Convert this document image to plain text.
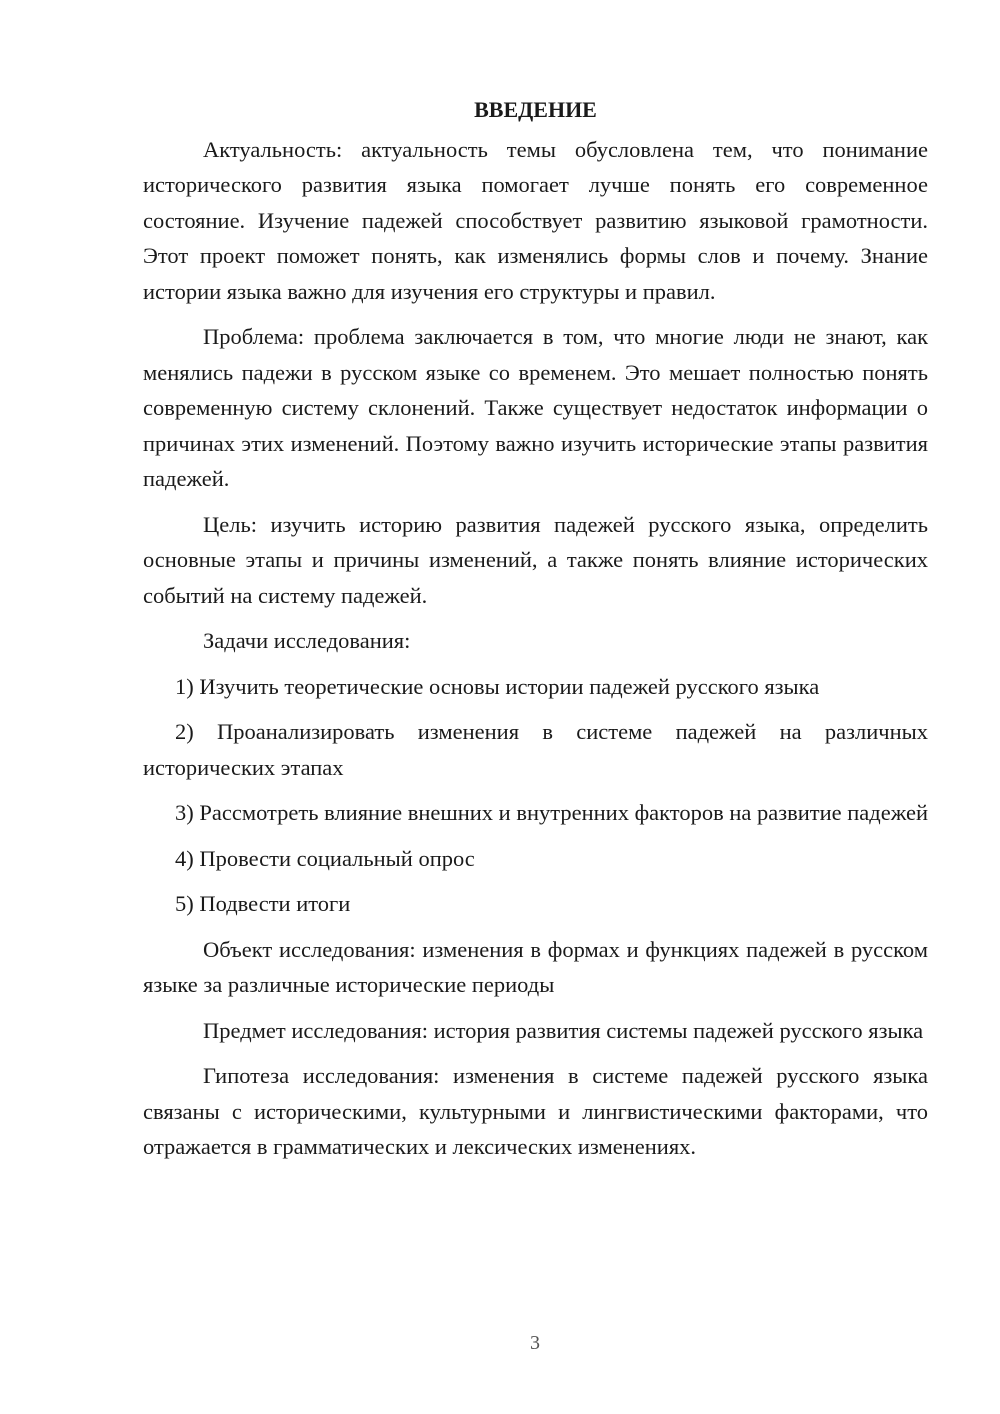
ВВЕДЕНИЕ

Актуальность: актуальность темы обусловлена тем, что понимание исторического развития языка помогает лучше понять его современное состояние. Изучение падежей способствует развитию языковой грамотности. Этот проект поможет понять, как изменялись формы слов и почему. Знание истории языка важно для изучения его структуры и правил.

Проблема: проблема заключается в том, что многие люди не знают, как менялись падежи в русском языке со временем. Это мешает полностью понять современную систему склонений. Также существует недостаток информации о причинах этих изменений. Поэтому важно изучить исторические этапы развития падежей.

Цель: изучить историю развития падежей русского языка, определить основные этапы и причины изменений, а также понять влияние исторических событий на систему падежей.

Задачи исследования:

1) Изучить теоретические основы истории падежей русского языка

2) Проанализировать изменения в системе падежей на различных исторических этапах

3) Рассмотреть влияние внешних и внутренних факторов на развитие падежей

4) Провести социальный опрос

5) Подвести итоги

Объект исследования: изменения в формах и функциях падежей в русском языке за различные исторические периоды

Предмет исследования: история развития системы падежей русского языка

Гипотеза исследования: изменения в системе падежей русского языка связаны с историческими, культурными и лингвистическими факторами, что отражается в грамматических и лексических изменениях.

3
